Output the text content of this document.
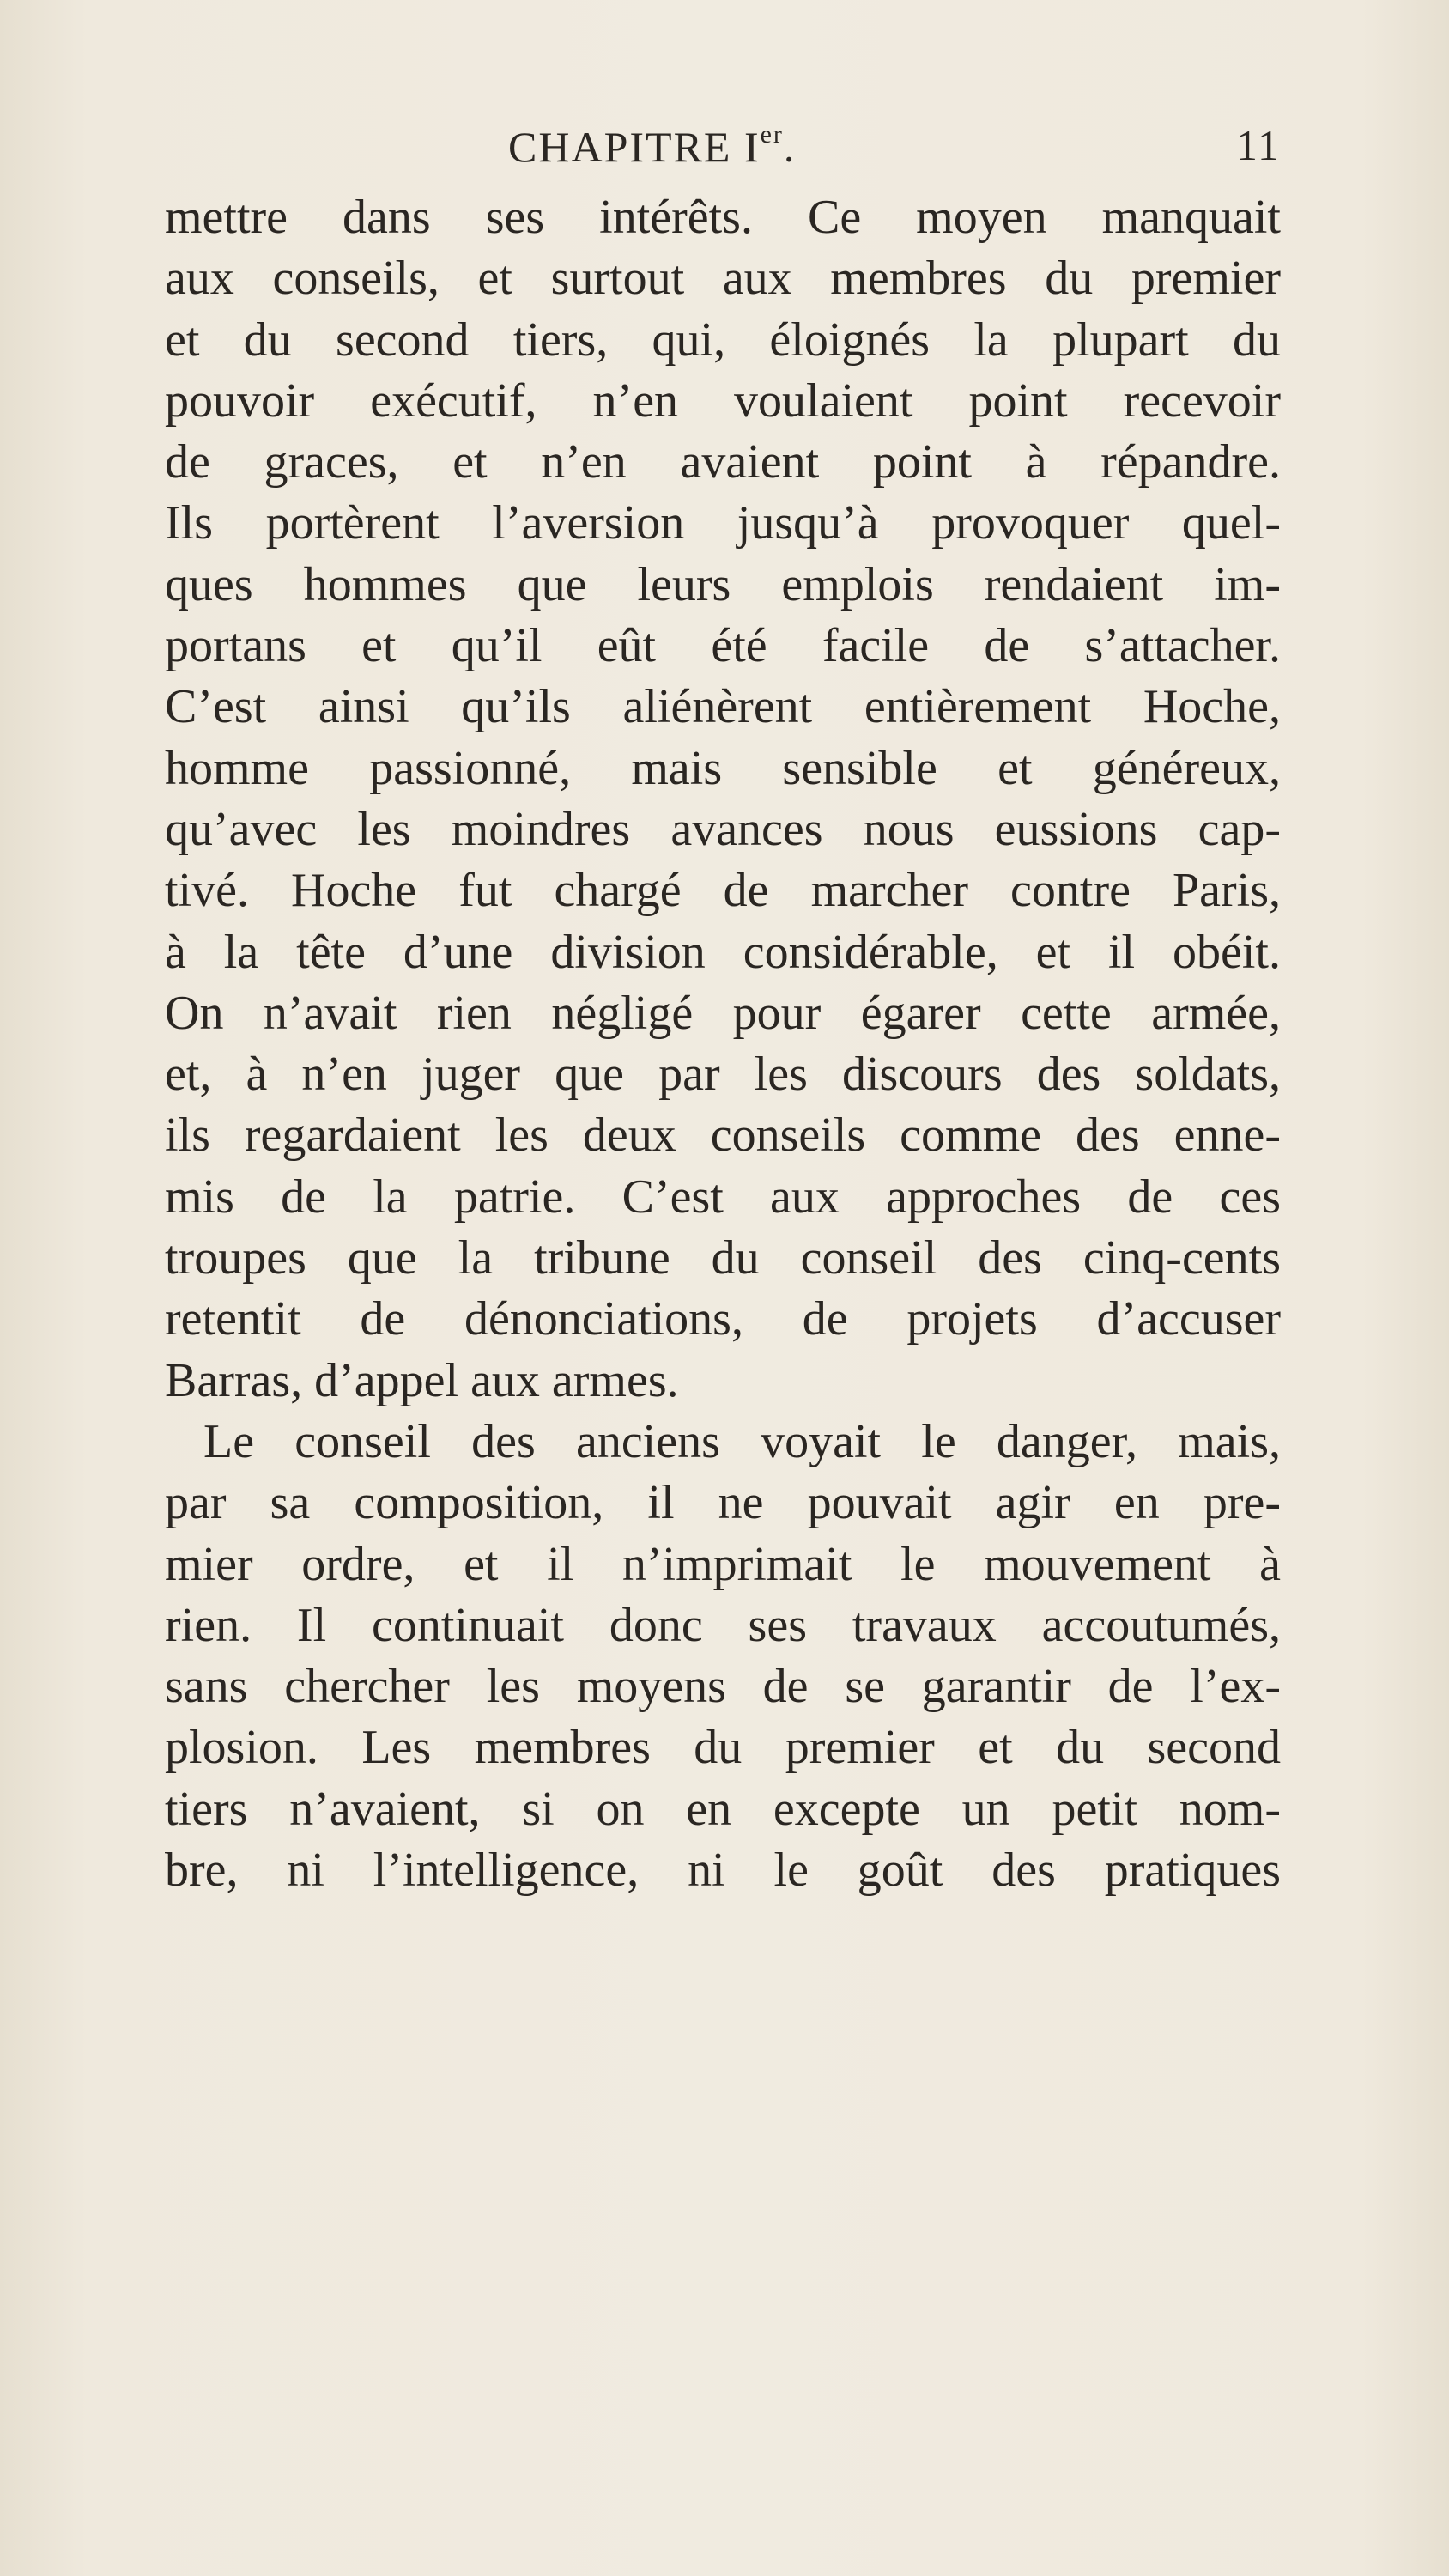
CHAPITRE Ier.	11
mettre dans ses intérêts. Ce moyen manquait
aux conseils, et surtout aux membres du premier
et du second tiers, qui, éloignés la plupart du
pouvoir exécutif, n’en voulaient point recevoir
de graces, et n’en avaient point à répandre.
Ils portèrent l’aversion jusqu’à provoquer quel-
ques hommes que leurs emplois rendaient im-
portans et qu’il eût été facile de s’attacher.
C’est ainsi qu’ils aliénèrent entièrement Hoche,
homme passionné, mais sensible et généreux,
qu’avec les moindres avances nous eussions cap-
tivé. Hoche fut chargé de marcher contre Paris,
à la tête d’une division considérable, et il obéit.
On n’avait rien négligé pour égarer cette armée,
et, à n’en juger que par les discours des soldats,
ils regardaient les deux conseils comme des enne-
mis de la patrie. C’est aux approches de ces
troupes que la tribune du conseil des cinq-cents
retentit de dénonciations, de projets d’accuser
Barras, d’appel aux armes.
Le conseil des anciens voyait le danger, mais,
par sa composition, il ne pouvait agir en pre-
mier ordre, et il n’imprimait le mouvement à
rien. Il continuait donc ses travaux accoutumés,
sans chercher les moyens de se garantir de l’ex-
plosion. Les membres du premier et du second
tiers n’avaient, si on en excepte un petit nom-
bre, ni l’intelligence, ni le goût des pratiques
